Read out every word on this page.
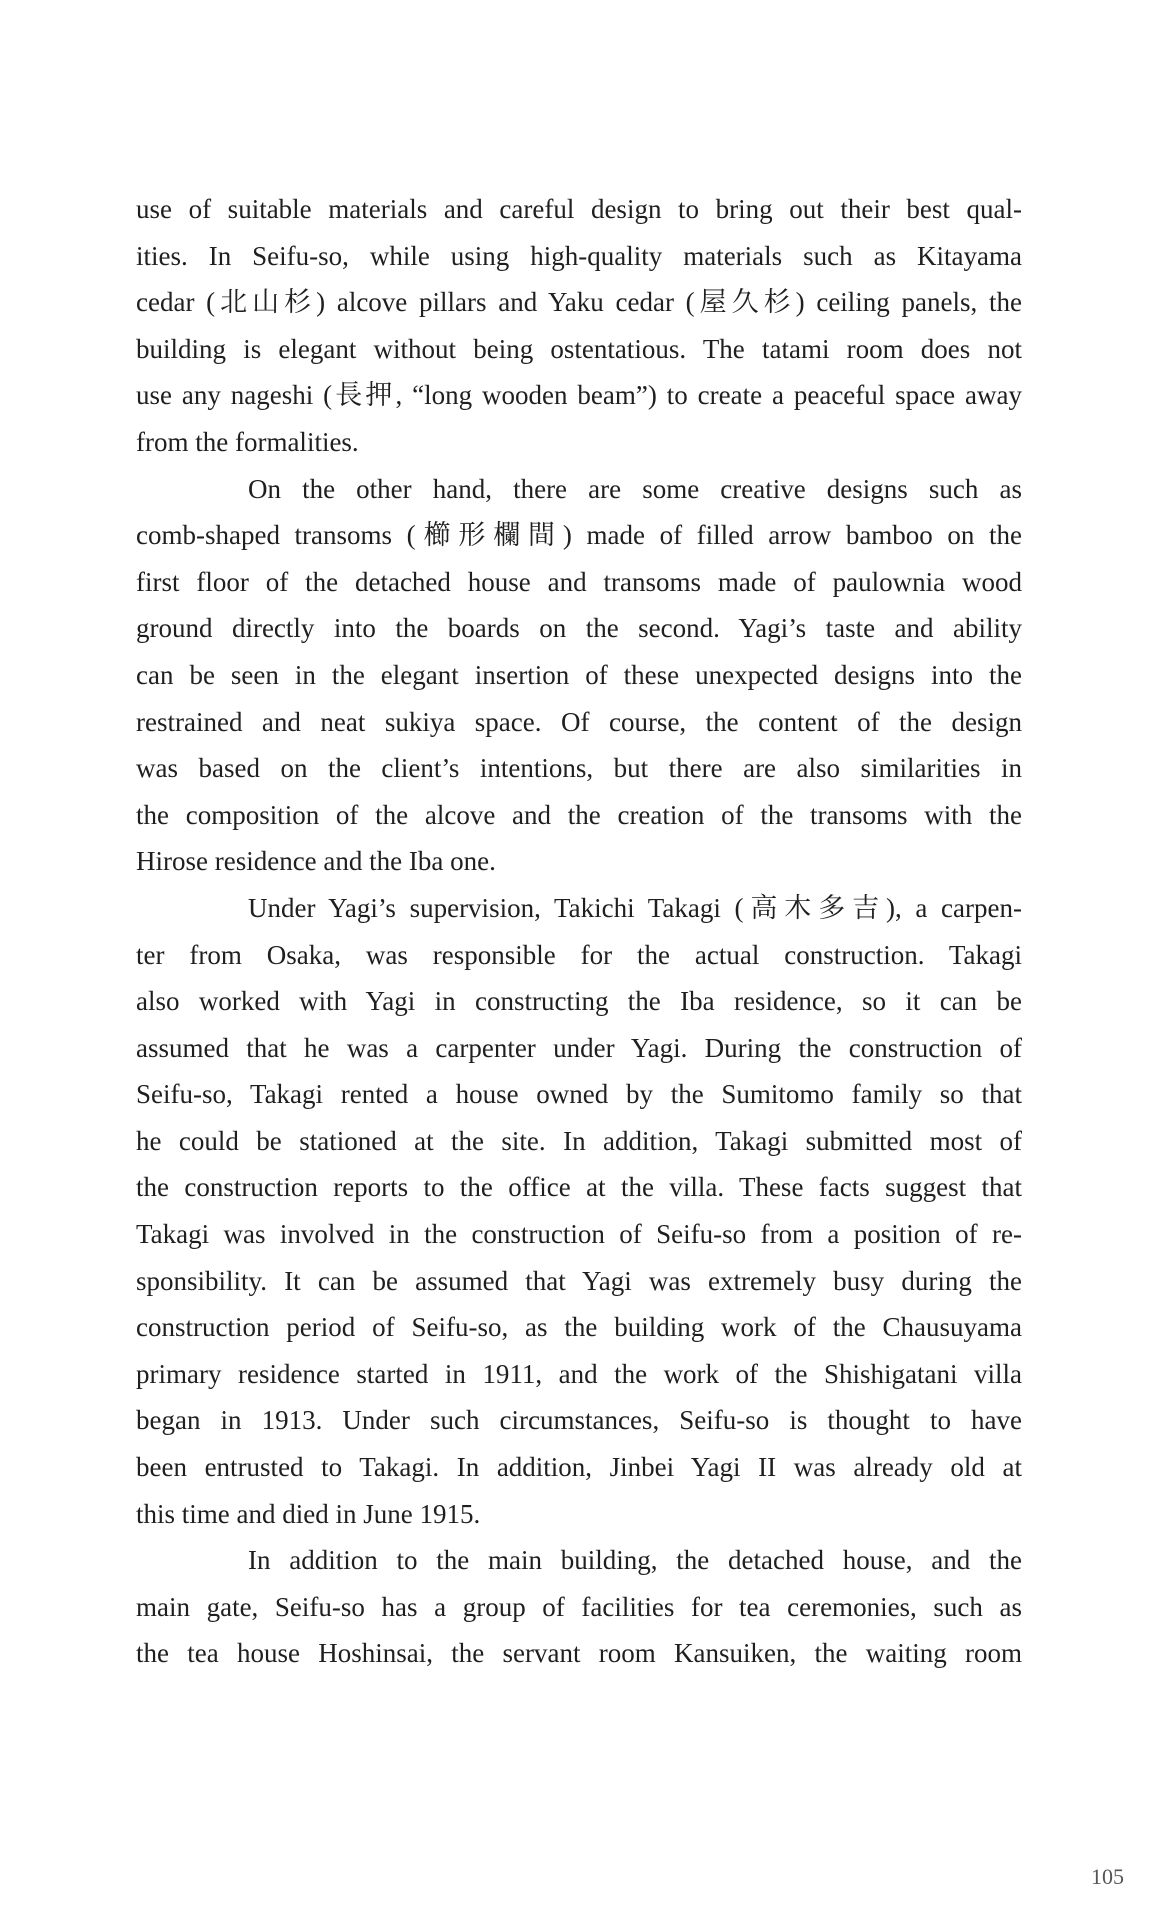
use of suitable materials and careful design to bring out their best qual-
ities. In Seifu-so, while using high-quality materials such as Kitayama
cedar (北山杉) alcove pillars and Yaku cedar (屋久杉) ceiling panels, the
building is elegant without being ostentatious. The tatami room does not
use any nageshi (長押, “long wooden beam”) to create a peaceful space away
from the formalities.
On the other hand, there are some creative designs such as
comb-shaped transoms (櫛形欄間) made of filled arrow bamboo on the
first floor of the detached house and transoms made of paulownia wood
ground directly into the boards on the second. Yagi’s taste and ability
can be seen in the elegant insertion of these unexpected designs into the
restrained and neat sukiya space. Of course, the content of the design
was based on the client’s intentions, but there are also similarities in
the composition of the alcove and the creation of the transoms with the
Hirose residence and the Iba one.
Under Yagi’s supervision, Takichi Takagi (高木多吉), a carpen-
ter from Osaka, was responsible for the actual construction. Takagi
also worked with Yagi in constructing the Iba residence, so it can be
assumed that he was a carpenter under Yagi. During the construction of
Seifu-so, Takagi rented a house owned by the Sumitomo family so that
he could be stationed at the site. In addition, Takagi submitted most of
the construction reports to the office at the villa. These facts suggest that
Takagi was involved in the construction of Seifu-so from a position of re-
sponsibility. It can be assumed that Yagi was extremely busy during the
construction period of Seifu-so, as the building work of the Chausuyama
primary residence started in 1911, and the work of the Shishigatani villa
began in 1913. Under such circumstances, Seifu-so is thought to have
been entrusted to Takagi. In addition, Jinbei Yagi II was already old at
this time and died in June 1915.
In addition to the main building, the detached house, and the
main gate, Seifu-so has a group of facilities for tea ceremonies, such as
the tea house Hoshinsai, the servant room Kansuiken, the waiting room
105
